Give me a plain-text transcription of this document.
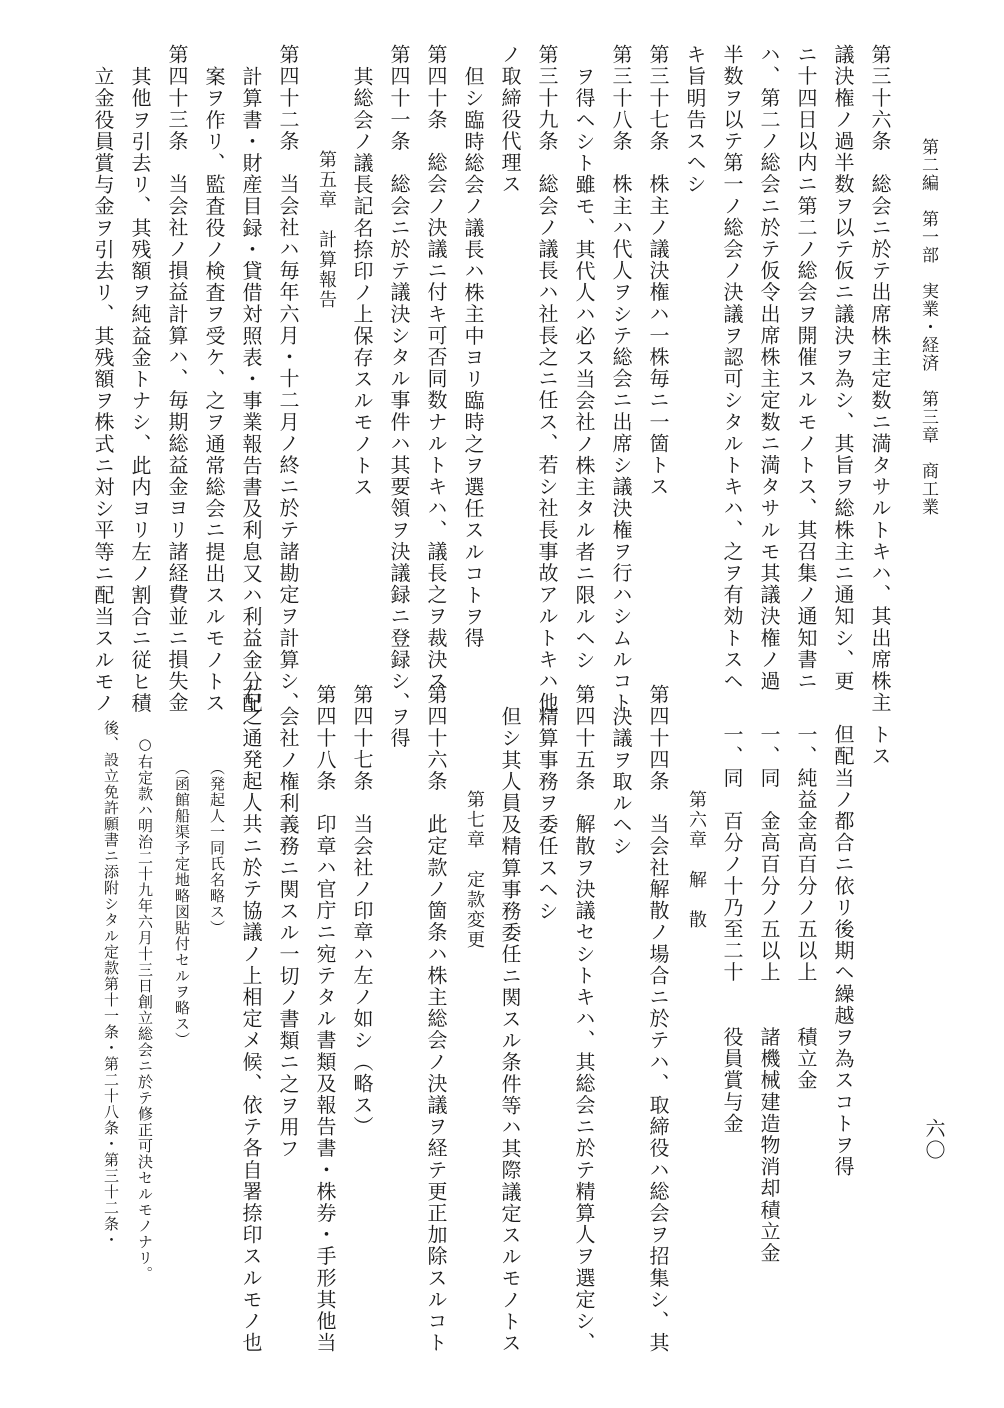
第二編　第一部　実業・経済　第三章　商工業
六〇
第三十六条　総会ニ於テ出席株主定数ニ満タサルトキハ、其出席株主
議決権ノ過半数ヲ以テ仮ニ議決ヲ為シ、其旨ヲ総株主ニ通知シ、更
ニ十四日以内ニ第二ノ総会ヲ開催スルモノトス、其召集ノ通知書ニ
ハ、第二ノ総会ニ於テ仮令出席株主定数ニ満タサルモ其議決権ノ過
半数ヲ以テ第一ノ総会ノ決議ヲ認可シタルトキハ、之ヲ有効トスヘ
キ旨明告スヘシ
第三十七条　株主ノ議決権ハ一株毎ニ一箇トス
第三十八条　株主ハ代人ヲシテ総会ニ出席シ議決権ヲ行ハシムルコト
ヲ得ヘシト雖モ、其代人ハ必ス当会社ノ株主タル者ニ限ルヘシ
第三十九条　総会ノ議長ハ社長之ニ任ス、若シ社長事故アルトキハ他
ノ取締役代理ス
但シ臨時総会ノ議長ハ株主中ヨリ臨時之ヲ選任スルコトヲ得
第四十条　総会ノ決議ニ付キ可否同数ナルトキハ、議長之ヲ裁決ス
第四十一条　総会ニ於テ議決シタル事件ハ其要領ヲ決議録ニ登録シ、
其総会ノ議長記名捺印ノ上保存スルモノトス
第五章　計算報告
第四十二条　当会社ハ毎年六月・十二月ノ終ニ於テ諸勘定ヲ計算シ、
計算書・財産目録・貸借対照表・事業報告書及利息又ハ利益金分配
案ヲ作リ、監査役ノ検査ヲ受ケ、之ヲ通常総会ニ提出スルモノトス
第四十三条　当会社ノ損益計算ハ、毎期総益金ヨリ諸経費並ニ損失金
其他ヲ引去リ、其残額ヲ純益金トナシ、此内ヨリ左ノ割合ニ従ヒ積
立金役員賞与金ヲ引去リ、其残額ヲ株式ニ対シ平等ニ配当スルモノ
トス
但配当ノ都合ニ依リ後期ヘ繰越ヲ為スコトヲ得
一、純益金高百分ノ五以上　　積立金
一、同　金高百分ノ五以上　　諸機械建造物消却積立金
一、同　百分ノ十乃至二十　　役員賞与金
第六章　解　散
第四十四条　当会社解散ノ場合ニ於テハ、取締役ハ総会ヲ招集シ、其
決議ヲ取ルヘシ
第四十五条　解散ヲ決議セシトキハ、其総会ニ於テ精算人ヲ選定シ、
精算事務ヲ委任スヘシ
但シ其人員及精算事務委任ニ関スル条件等ハ其際議定スルモノトス
第七章　定款変更
第四十六条　此定款ノ箇条ハ株主総会ノ決議ヲ経テ更正加除スルコト
ヲ得
第四十七条　当会社ノ印章ハ左ノ如シ（略ス）
第四十八条　印章ハ官庁ニ宛テタル書類及報告書・株券・手形其他当
会社ノ権利義務ニ関スル一切ノ書類ニ之ヲ用フ
右之通発起人共ニ於テ協議ノ上相定メ候、依テ各自署捺印スルモノ也
（発起人一同氏名略ス）
（函館船渠予定地略図貼付セルヲ略ス）
○右定款ハ明治二十九年六月十三日創立総会ニ於テ修正可決セルモノナリ。
後、設立免許願書ニ添附シタル定款第十一条・第二十八条・第三十二条・
